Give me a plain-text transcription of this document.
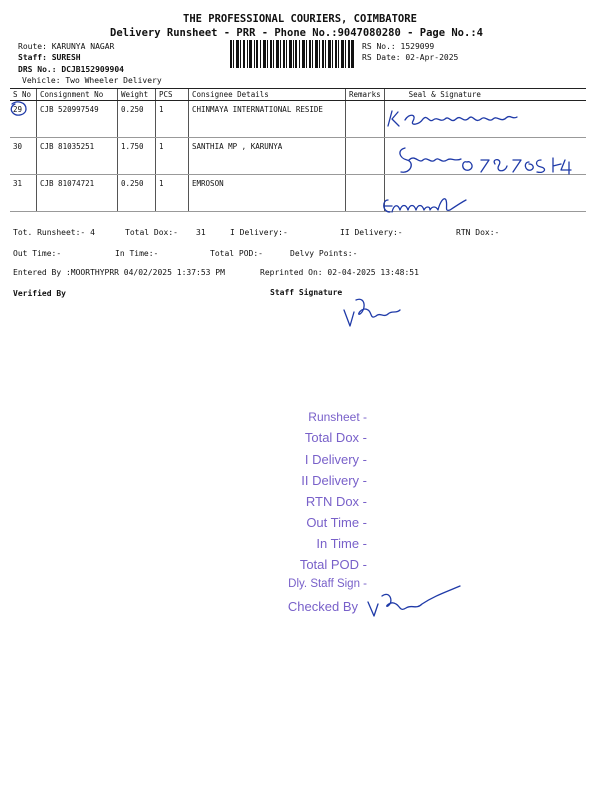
THE PROFESSIONAL COURIERS, COIMBATORE
Delivery Runsheet - PRR - Phone No.:9047080280 - Page No.:4
Route: KARUNYA NAGAR
Staff: SURESH
DRS No.: DCJB152909904
Vehicle: Two Wheeler Delivery
RS No.: 1529099
RS Date: 02-Apr-2025
S No	Consignment No	Weight	PCS	Consignee Details	Remarks	Seal & Signature
29	CJB 520997549	0.250	1	CHINMAYA INTERNATIONAL RESIDE		
30	CJB 81035251	1.750	1	SANTHIA MP , KARUNYA		
31	CJB 81074721	0.250	1	EMROSON		
Tot. Runsheet:- 4	Total Dox:- 31	I Delivery:-	II Delivery:-	RTN Dox:-
Out Time:-	In Time:-	Total POD:-	Delvy Points:-
Entered By :MOORTHYPRR 04/02/2025 1:37:53 PM	Reprinted On: 02-04-2025 13:48:51
Verified By	Staff Signature
Runsheet -
Total Dox -
I Delivery -
II Delivery -
RTN Dox -
Out Time -
In Time -
Total POD -
Dly. Staff Sign -
Checked By
